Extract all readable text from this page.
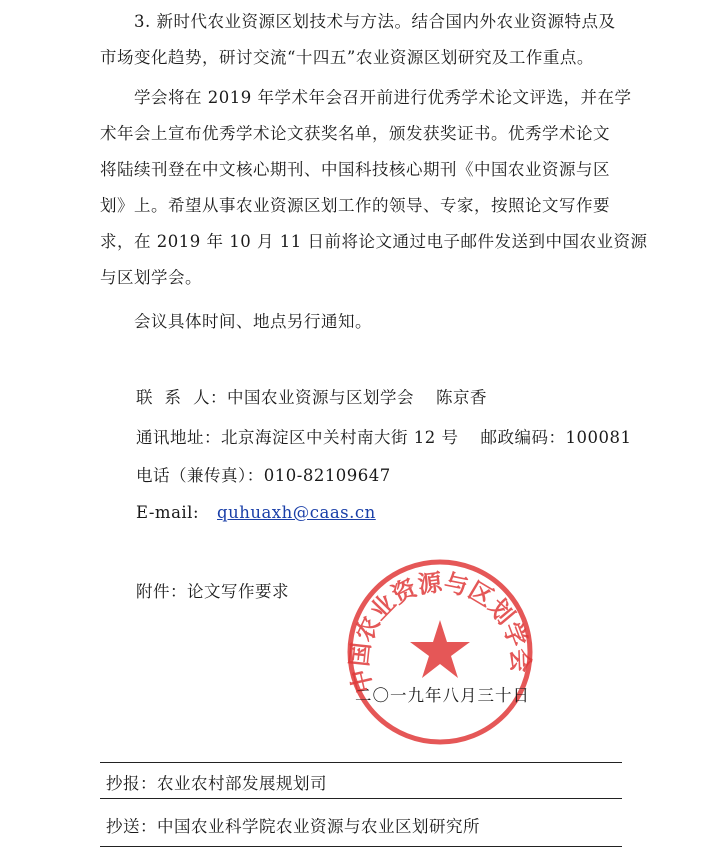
3. 新时代农业资源区划技术与方法。结合国内外农业资源特点及
市场变化趋势，研讨交流“十四五”农业资源区划研究及工作重点。

学会将在 2019 年学术年会召开前进行优秀学术论文评选，并在学
术年会上宣布优秀学术论文获奖名单，颁发获奖证书。优秀学术论文
将陆续刊登在中文核心期刊、中国科技核心期刊《中国农业资源与区
划》上。希望从事农业资源区划工作的领导、专家，按照论文写作要
求，在 2019 年 10 月 11 日前将论文通过电子邮件发送到中国农业资源
与区划学会。

会议具体时间、地点另行通知。

联  系  人：中国农业资源与区划学会 陈京香
通讯地址：北京海淀区中关村南大街 12 号 邮政编码：100081
电话（兼传真）：010-82109647
E-mail: quhuaxh@caas.cn
附件：论文写作要求
中国农业资源与区划学会
二〇一九年八月三十日
抄报：农业农村部发展规划司
抄送：中国农业科学院农业资源与农业区划研究所
